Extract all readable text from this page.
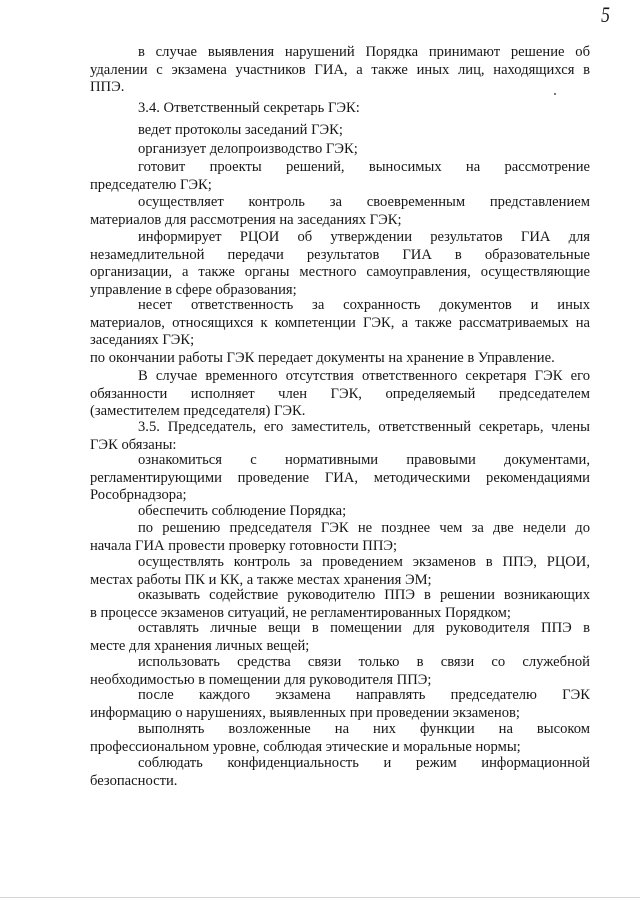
5
в случае выявления нарушений Порядка принимают решение об
удалении с экзамена участников ГИА, а также иных лиц, находящихся в
ППЭ.
3.4. Ответственный секретарь ГЭК:
ведет протоколы заседаний ГЭК;
организует делопроизводство ГЭК;
готовит проекты решений, выносимых на рассмотрение
председателю ГЭК;
осуществляет контроль за своевременным представлением
материалов для рассмотрения на заседаниях ГЭК;
информирует РЦОИ об утверждении результатов ГИА для
незамедлительной передачи результатов ГИА в образовательные
организации, а также органы местного самоуправления, осуществляющие
управление в сфере образования;
несет ответственность за сохранность документов и иных
материалов, относящихся к компетенции ГЭК, а также рассматриваемых на
заседаниях ГЭК;
по окончании работы ГЭК передает документы на хранение в Управление.
В случае временного отсутствия ответственного секретаря ГЭК его
обязанности исполняет член ГЭК, определяемый председателем
(заместителем председателя) ГЭК.
3.5. Председатель, его заместитель, ответственный секретарь, члены
ГЭК обязаны:
ознакомиться с нормативными правовыми документами,
регламентирующими проведение ГИА, методическими рекомендациями
Рособрнадзора;
обеспечить соблюдение Порядка;
по решению председателя ГЭК не позднее чем за две недели до
начала ГИА провести проверку готовности ППЭ;
осуществлять контроль за проведением экзаменов в ППЭ, РЦОИ,
местах работы ПК и КК, а также местах хранения ЭМ;
оказывать содействие руководителю ППЭ в решении возникающих
в процессе экзаменов ситуаций, не регламентированных Порядком;
оставлять личные вещи в помещении для руководителя ППЭ в
месте для хранения личных вещей;
использовать средства связи только в связи со служебной
необходимостью в помещении для руководителя ППЭ;
после каждого экзамена направлять председателю ГЭК
информацию о нарушениях, выявленных при проведении экзаменов;
выполнять возложенные на них функции на высоком
профессиональном уровне, соблюдая этические и моральные нормы;
соблюдать конфиденциальность и режим информационной
безопасности.
